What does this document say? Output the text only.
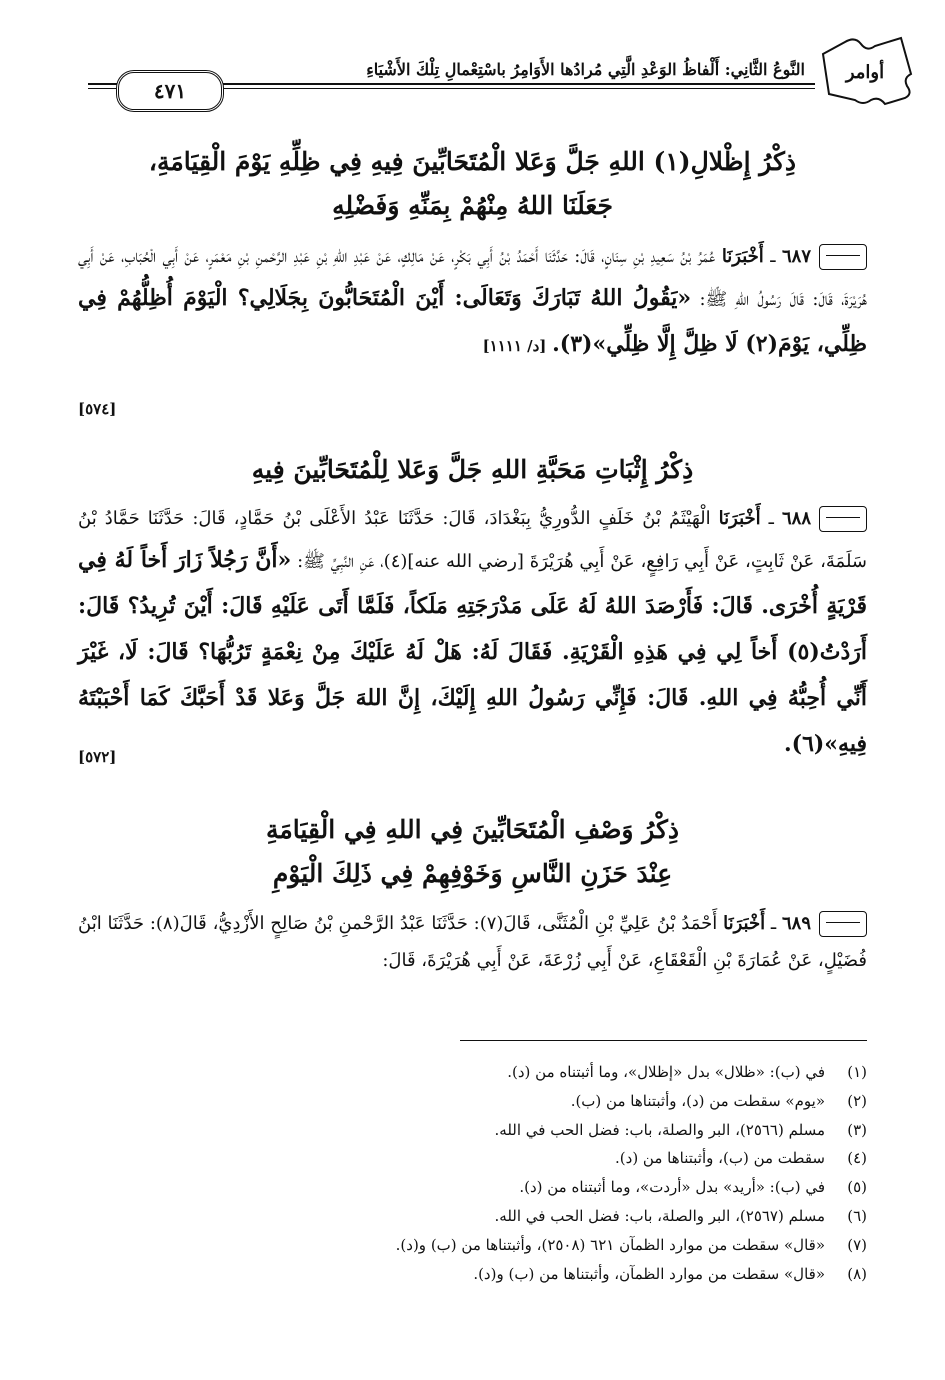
أوامر
النَّوعُ الثَّانِي: أَلْفاظُ الوَعْدِ الَّتِي مُرادُها الأَوَامِرُ باسْتِعْمالِ تِلْكَ الأَشْيَاءِ
٤٧١
ذِكْرُ إِظْلالِ(١) اللهِ جَلَّ وَعَلا الْمُتَحَابِّينَ فِيهِ فِي ظِلِّهِ يَوْمَ الْقِيَامَةِ،
جَعَلَنَا اللهُ مِنْهُمْ بِمَنِّهِ وَفَضْلِهِ
٦٨٧ ـ أَخْبَرَنَا عُمَرُ بْنُ سَعِيدِ بْنِ سِنَانٍ، قَالَ: حَدَّثَنَا أَحْمَدُ بْنُ أَبِي بَكْرٍ، عَنْ مَالِكٍ، عَنْ عَبْدِ اللهِ بْنِ عَبْدِ الرَّحْمنِ بْنِ مَعْمَرٍ، عَنْ أَبِي الْحُبَابِ، عَنْ أَبِي هُرَيْرَةَ، قَالَ: قَالَ رَسُولُ اللهِ ﷺ: «يَقُولُ اللهُ تَبَارَكَ وَتَعَالَى: أَيْنَ الْمُتَحَابُّونَ بِجَلَالِي؟ الْيَوْمَ أُظِلُّهُمْ فِي ظِلِّي، يَوْمَ(٢) لَا ظِلَّ إِلَّا ظِلِّي»(٣). [د/ ١١١١]
[٥٧٤]
ذِكْرُ إِثْبَاتِ مَحَبَّةِ اللهِ جَلَّ وَعَلا لِلْمُتَحَابِّينَ فِيهِ
٦٨٨ ـ أَخْبَرَنَا الْهَيْثَمُ بْنُ خَلَفٍ الدُّورِيُّ بِبَغْدَادَ، قَالَ: حَدَّثَنَا عَبْدُ الأَعْلَى بْنُ حَمَّادٍ، قَالَ: حَدَّثَنَا حَمَّادُ بْنُ سَلَمَةَ، عَنْ ثَابِتٍ، عَنْ أَبِي رَافِعٍ، عَنْ أَبِي هُرَيْرَةَ [رضي الله عنه](٤)، عَنِ النَّبِيِّ ﷺ: «أَنَّ رَجُلاً زَارَ أَخاً لَهُ فِي قَرْيَةٍ أُخْرَى. قَالَ: فَأَرْصَدَ اللهُ لَهُ عَلَى مَدْرَجَتِهِ مَلَكاً، فَلَمَّا أَتَى عَلَيْهِ قَالَ: أَيْنَ تُرِيدُ؟ قَالَ: أَرَدْتُ(٥) أَخاً لِي فِي هَذِهِ الْقَرْيَةِ. فَقَالَ لَهُ: هَلْ لَهُ عَلَيْكَ مِنْ نِعْمَةٍ تَرُبُّهَا؟ قَالَ: لَا، غَيْرَ أَنِّي أُحِبُّهُ فِي اللهِ. قَالَ: فَإِنِّي رَسُولُ اللهِ إِلَيْكَ، إِنَّ اللهَ جَلَّ وَعَلا قَدْ أَحَبَّكَ كَمَا أَحْبَبْتَهُ فِيهِ»(٦).
[٥٧٢]
ذِكْرُ وَصْفِ الْمُتَحَابِّينَ فِي اللهِ فِي الْقِيَامَةِ
عِنْدَ حَزَنِ النَّاسِ وَخَوْفِهِمْ فِي ذَلِكَ الْيَوْمِ
٦٨٩ ـ أَخْبَرَنَا أَحْمَدُ بْنُ عَلِيِّ بْنِ الْمُثَنَّى، قَالَ(٧): حَدَّثَنَا عَبْدُ الرَّحْمنِ بْنُ صَالِحٍ الأَزْدِيُّ، قَالَ(٨): حَدَّثَنَا ابْنُ فُضَيْلٍ، عَنْ عُمَارَةَ بْنِ الْقَعْقَاعِ، عَنْ أَبِي زُرْعَةَ، عَنْ أَبِي هُرَيْرَةَ، قَالَ:
(١)
في (ب): «ظلال» بدل «إظلال»، وما أثبتناه من (د).
(٢)
«يوم» سقطت من (د)، وأثبتناها من (ب).
(٣)
مسلم (٢٥٦٦)، البر والصلة، باب: فضل الحب في الله.
(٤)
سقطت من (ب)، وأثبتناها من (د).
(٥)
في (ب): «أريد» بدل «أردت»، وما أثبتناه من (د).
(٦)
مسلم (٢٥٦٧)، البر والصلة، باب: فضل الحب في الله.
(٧)
«قال» سقطت من موارد الظمآن ٦٢١ (٢٥٠٨)، وأثبتناها من (ب) و(د).
(٨)
«قال» سقطت من موارد الظمآن، وأثبتناها من (ب) و(د).
